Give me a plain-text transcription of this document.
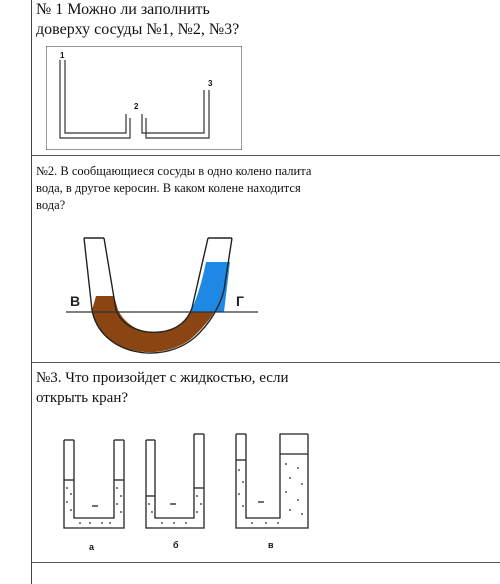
№ 1 Можно ли заполнить
доверху сосуды №1, №2, №3?
1
2
3
№2. В сообщающиеся сосуды в одно колено палита
вода, в другое керосин. В каком колене находится
вода?
В	Г
№3. Что произойдет с жидкостью, если
открыть кран?
а	б	в
